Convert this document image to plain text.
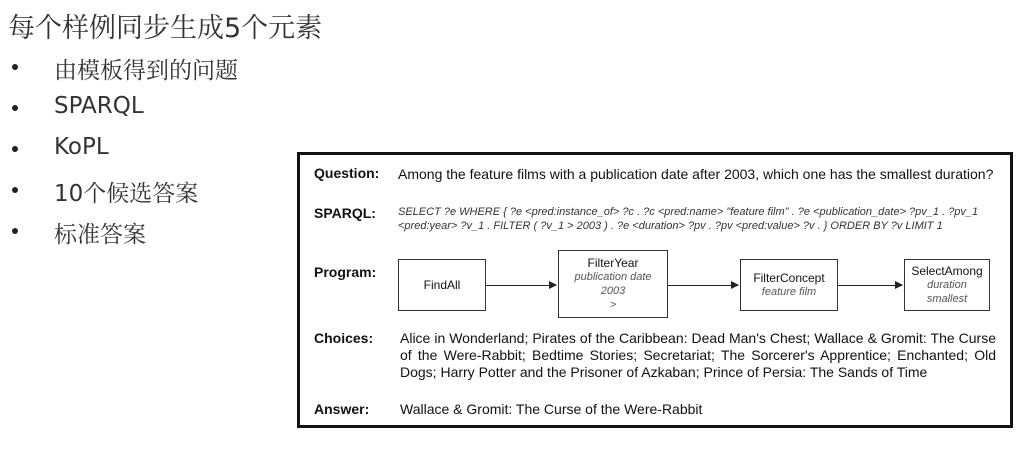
每个样例同步生成5个元素
由模板得到的问题
SPARQL
KoPL
10个候选答案
标准答案
Question: Among the feature films with a publication date after 2003, which one has the smallest duration?
SPARQL: SELECT ?e WHERE { ?e <pred:instance_of> ?c . ?c <pred:name> "feature film" . ?e <publication_date> ?pv_1 . ?pv_1 <pred:year> ?v_1 . FILTER ( ?v_1 > 2003 ) . ?e <duration> ?pv . ?pv <pred:value> ?v . } ORDER BY ?v LIMIT 1
Program:
FindAll
FilterYear
publication date
2003
>
FilterConcept
feature film
SelectAmong
duration
smallest
Choices: Alice in Wonderland; Pirates of the Caribbean: Dead Man's Chest; Wallace & Gromit: The Curse of the Were-Rabbit; Bedtime Stories; Secretariat; The Sorcerer's Apprentice; Enchanted; Old Dogs; Harry Potter and the Prisoner of Azkaban; Prince of Persia: The Sands of Time
Answer: Wallace & Gromit: The Curse of the Were-Rabbit
